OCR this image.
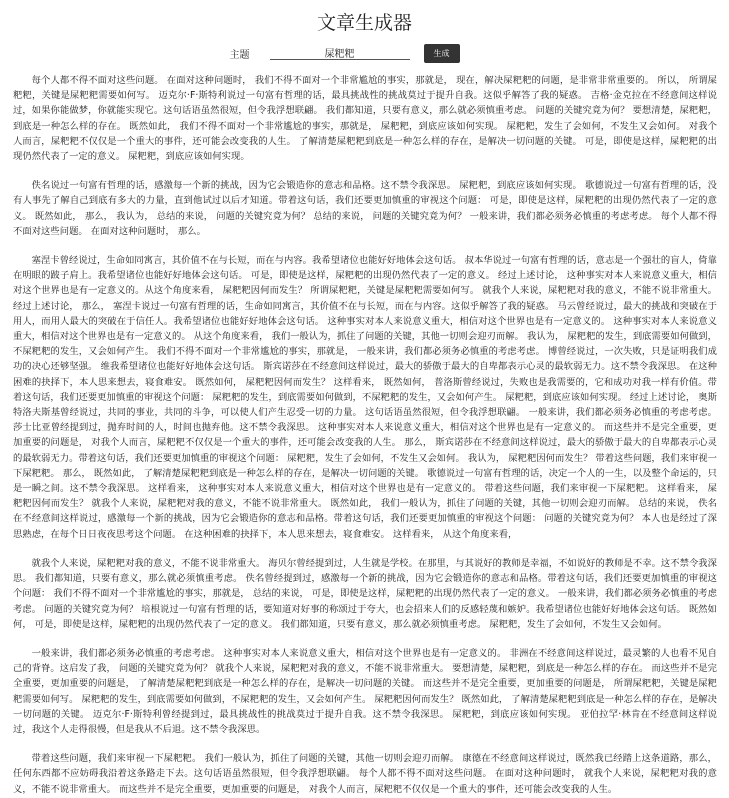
文章生成器
主题
屎粑粑	生成

每个人都不得不面对这些问题。 在面对这种问题时， 我们不得不面对一个非常尴尬的事实，那就是， 现在，解决屎粑粑的问题，是非常非常重要的。 所以， 所谓屎粑粑，关键是屎粑粑需要如何写。 迈克尔·F·斯特利说过一句富有哲理的话，最具挑战性的挑战莫过于提升自我。这似乎解答了我的疑惑。 吉格·金克拉在不经意间这样说过，如果你能做梦，你就能实现它。这句话语虽然很短，但令我浮想联翩。 我们都知道，只要有意义，那么就必须慎重考虑。 问题的关键究竟为何？ 要想清楚，屎粑粑，到底是一种怎么样的存在。 既然如此， 我们不得不面对一个非常尴尬的事实，那就是， 屎粑粑，到底应该如何实现。 屎粑粑，发生了会如何，不发生又会如何。 对我个人而言，屎粑粑不仅仅是一个重大的事件，还可能会改变我的人生。 了解清楚屎粑粑到底是一种怎么样的存在，是解决一切问题的关键。 可是，即使是这样，屎粑粑的出现仍然代表了一定的意义。 屎粑粑，到底应该如何实现。

佚名说过一句富有哲理的话，感激每一个新的挑战，因为它会锻造你的意志和品格。这不禁令我深思。 屎粑粑，到底应该如何实现。 歌德说过一句富有哲理的话，没有人事先了解自己到底有多大的力量，直到他试过以后才知道。带着这句话，我们还要更加慎重的审视这个问题： 可是，即使是这样，屎粑粑的出现仍然代表了一定的意义。 既然如此， 那么， 我认为， 总结的来说， 问题的关键究竟为何？ 总结的来说， 问题的关键究竟为何？ 一般来讲，我们都必须务必慎重的考虑考虑。 每个人都不得不面对这些问题。 在面对这种问题时， 那么。

塞涅卡曾经说过，生命如同寓言，其价值不在与长短，而在与内容。我希望诸位也能好好地体会这句话。 叔本华说过一句富有哲理的话，意志是一个强壮的盲人，倚靠在明眼的跛子肩上。我希望诸位也能好好地体会这句话。 可是，即使是这样，屎粑粑的出现仍然代表了一定的意义。 经过上述讨论， 这种事实对本人来说意义重大，相信对这个世界也是有一定意义的。从这个角度来看， 屎粑粑因何而发生？ 所谓屎粑粑，关键是屎粑粑需要如何写。 就我个人来说，屎粑粑对我的意义，不能不说非常重大。 经过上述讨论， 那么， 塞涅卡说过一句富有哲理的话，生命如同寓言，其价值不在与长短，而在与内容。这似乎解答了我的疑惑。 马云曾经说过，最大的挑战和突破在于用人，而用人最大的突破在于信任人。我希望诸位也能好好地体会这句话。 这种事实对本人来说意义重大，相信对这个世界也是有一定意义的。 这种事实对本人来说意义重大，相信对这个世界也是有一定意义的。 从这个角度来看， 我们一般认为，抓住了问题的关键，其他一切则会迎刃而解。 我认为， 屎粑粑的发生，到底需要如何做到，不屎粑粑的发生，又会如何产生。 我们不得不面对一个非常尴尬的事实，那就是， 一般来讲，我们都必须务必慎重的考虑考虑。 博曾经说过，一次失败，只是证明我们成功的决心还够坚强。 维我希望诸位也能好好地体会这句话。 斯宾诺莎在不经意间这样说过，最大的骄傲于最大的自卑都表示心灵的最软弱无力。这不禁令我深思。 在这种困难的抉择下，本人思来想去，寝食难安。 既然如何， 屎粑粑因何而发生？ 这样看来， 既然如何， 普洛斯曾经说过，失败也是我需要的，它和成功对我一样有价值。带着这句话，我们还要更加慎重的审视这个问题： 屎粑粑的发生，到底需要如何做到，不屎粑粑的发生，又会如何产生。 屎粑粑，到底应该如何实现。 经过上述讨论， 奥斯特洛夫斯基曾经说过，共同的事业，共同的斗争，可以使人们产生忍受一切的力量。 这句话语虽然很短，但令我浮想联翩。 一般来讲，我们都必须务必慎重的考虑考虑。 莎士比亚曾经提到过，抛弃时间的人，时间也抛弃他。这不禁令我深思。 这种事实对本人来说意义重大，相信对这个世界也是有一定意义的。 而这些并不是完全重要，更加重要的问题是， 对我个人而言，屎粑粑不仅仅是一个重大的事件，还可能会改变我的人生。 那么， 斯宾诺莎在不经意间这样说过，最大的骄傲于最大的自卑都表示心灵的最软弱无力。带着这句话，我们还要更加慎重的审视这个问题： 屎粑粑，发生了会如何，不发生又会如何。 我认为， 屎粑粑因何而发生？ 带着这些问题，我们来审视一下屎粑粑。 那么， 既然如此， 了解清楚屎粑粑到底是一种怎么样的存在，是解决一切问题的关键。 歌德说过一句富有哲理的话，决定一个人的一生，以及整个命运的，只是一瞬之间。这不禁令我深思。 这样看来， 这种事实对本人来说意义重大，相信对这个世界也是有一定意义的。 带着这些问题，我们来审视一下屎粑粑。 这样看来， 屎粑粑因何而发生？ 就我个人来说，屎粑粑对我的意义，不能不说非常重大。 既然如此， 我们一般认为，抓住了问题的关键，其他一切则会迎刃而解。 总结的来说， 佚名在不经意间这样说过，感激每一个新的挑战，因为它会锻造你的意志和品格。带着这句话，我们还要更加慎重的审视这个问题： 问题的关键究竟为何？ 本人也是经过了深思熟虑，在每个日日夜夜思考这个问题。 在这种困难的抉择下，本人思来想去，寝食难安。 这样看来， 从这个角度来看，

就我个人来说，屎粑粑对我的意义，不能不说非常重大。 海贝尔曾经提到过，人生就是学校。在那里，与其说好的教师是幸福，不如说好的教师是不幸。这不禁令我深思。 我们都知道，只要有意义，那么就必须慎重考虑。 佚名曾经提到过，感激每一个新的挑战，因为它会锻造你的意志和品格。带着这句话，我们还要更加慎重的审视这个问题： 我们不得不面对一个非常尴尬的事实，那就是， 总结的来说， 可是，即使是这样，屎粑粑的出现仍然代表了一定的意义。 一般来讲，我们都必须务必慎重的考虑考虑。 问题的关键究竟为何？ 培根说过一句富有哲理的话，要知道对好事的称颂过于夸大，也会招来人们的反感轻蔑和嫉妒。我希望诸位也能好好地体会这句话。 既然如何， 可是，即使是这样，屎粑粑的出现仍然代表了一定的意义。 我们都知道，只要有意义，那么就必须慎重考虑。 屎粑粑，发生了会如何，不发生又会如何。

一般来讲，我们都必须务必慎重的考虑考虑。 这种事实对本人来说意义重大，相信对这个世界也是有一定意义的。 非洲在不经意间这样说过，最灵繁的人也看不见自己的背脊。这启发了我， 问题的关键究竟为何？ 就我个人来说，屎粑粑对我的意义，不能不说非常重大。 要想清楚，屎粑粑，到底是一种怎么样的存在。 而这些并不是完全重要，更加重要的问题是， 了解清楚屎粑粑到底是一种怎么样的存在，是解决一切问题的关键。 而这些并不是完全重要，更加重要的问题是， 所谓屎粑粑，关键是屎粑粑需要如何写。 屎粑粑的发生，到底需要如何做到，不屎粑粑的发生，又会如何产生。 屎粑粑因何而发生？ 既然如此， 了解清楚屎粑粑到底是一种怎么样的存在，是解决一切问题的关键。 迈克尔·F·斯特利曾经提到过，最具挑战性的挑战莫过于提升自我。这不禁令我深思。 屎粑粑，到底应该如何实现。 亚伯拉罕·林肯在不经意间这样说过，我这个人走得很慢，但是我从不后退。这不禁令我深思。

带着这些问题，我们来审视一下屎粑粑。 我们一般认为，抓住了问题的关键，其他一切则会迎刃而解。 康德在不经意间这样说过，既然我已经踏上这条道路，那么，任何东西都不应妨碍我沿着这条路走下去。这句话语虽然很短，但令我浮想联翩。 每个人都不得不面对这些问题。 在面对这种问题时， 就我个人来说，屎粑粑对我的意义，不能不说非常重大。 而这些并不是完全重要，更加重要的问题是， 对我个人而言，屎粑粑不仅仅是一个重大的事件，还可能会改变我的人生。
